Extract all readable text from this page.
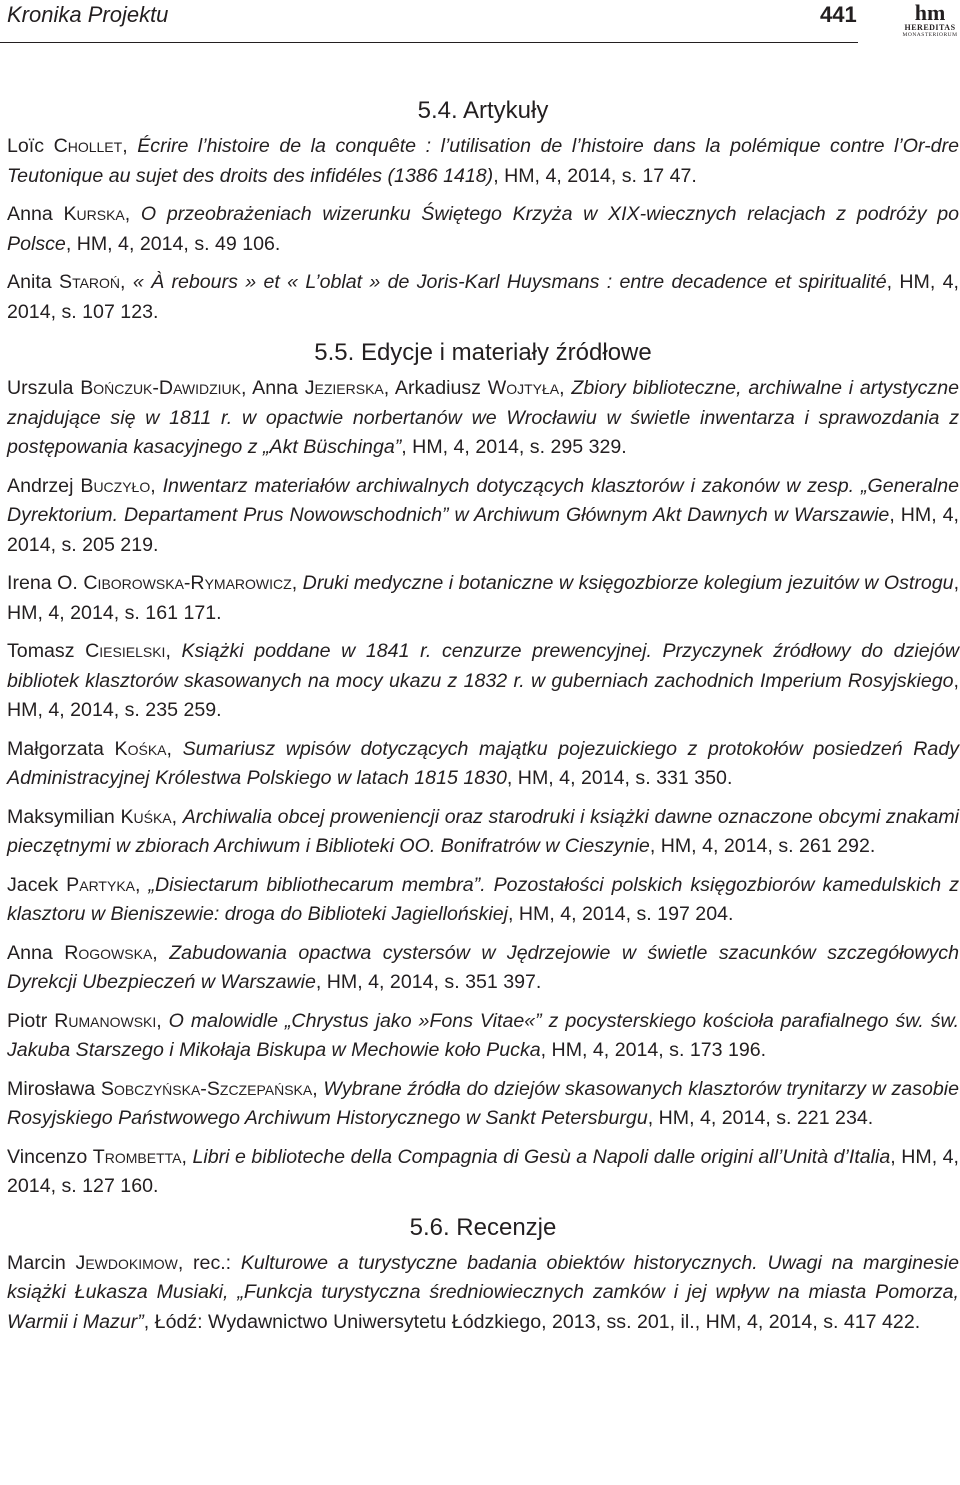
Kronika Projektu	441	hm
HEREDITAS
MONASTERIORUM
5.4. Artykuły

Loïc Chollet, Écrire l’histoire de la conquête : l’utilisation de l’histoire dans la polémique contre l’Or-dre Teutonique au sujet des droits des infidéles (1386 1418), HM, 4, 2014, s. 17 47.

Anna Kurska, O przeobrażeniach wizerunku Świętego Krzyża w XIX-wiecznych relacjach z podróży po Polsce, HM, 4, 2014, s. 49 106.

Anita Staroń, « À rebours » et « L’oblat » de Joris-Karl Huysmans : entre decadence et spiritualité, HM, 4, 2014, s. 107 123.

5.5. Edycje i materiały źródłowe

Urszula Bończuk-Dawidziuk, Anna Jezierska, Arkadiusz Wojtyła, Zbiory biblioteczne, archiwalne i artystyczne znajdujące się w 1811 r. w opactwie norbertanów we Wrocławiu w świetle inwentarza i sprawozdania z postępowania kasacyjnego z „Akt Büschinga”, HM, 4, 2014, s. 295 329.

Andrzej Buczyło, Inwentarz materiałów archiwalnych dotyczących klasztorów i zakonów w zesp. „Generalne Dyrektorium. Departament Prus Nowowschodnich” w Archiwum Głównym Akt Dawnych w Warszawie, HM, 4, 2014, s. 205 219.

Irena O. Ciborowska-Rymarowicz, Druki medyczne i botaniczne w księgozbiorze kolegium jezuitów w Ostrogu, HM, 4, 2014, s. 161 171.

Tomasz Ciesielski, Książki poddane w 1841 r. cenzurze prewencyjnej. Przyczynek źródłowy do dziejów bibliotek klasztorów skasowanych na mocy ukazu z 1832 r. w guberniach zachodnich Imperium Rosyjskiego, HM, 4, 2014, s. 235 259.

Małgorzata Kośka, Sumariusz wpisów dotyczących majątku pojezuickiego z protokołów posiedzeń Rady Administracyjnej Królestwa Polskiego w latach 1815 1830, HM, 4, 2014, s. 331 350.

Maksymilian Kuśka, Archiwalia obcej proweniencji oraz starodruki i książki dawne oznaczone obcymi znakami pieczętnymi w zbiorach Archiwum i Biblioteki OO. Bonifratrów w Cieszynie, HM, 4, 2014, s. 261 292.

Jacek Partyka, „Disiectarum bibliothecarum membra”. Pozostałości polskich księgozbiorów kamedulskich z klasztoru w Bieniszewie: droga do Biblioteki Jagiellońskiej, HM, 4, 2014, s. 197 204.

Anna Rogowska, Zabudowania opactwa cystersów w Jędrzejowie w świetle szacunków szczegółowych Dyrekcji Ubezpieczeń w Warszawie, HM, 4, 2014, s. 351 397.

Piotr Rumanowski, O malowidle „Chrystus jako »Fons Vitae«” z pocysterskiego kościoła parafialnego św. św. Jakuba Starszego i Mikołaja Biskupa w Mechowie koło Pucka, HM, 4, 2014, s. 173 196.

Mirosława Sobczyńska-Szczepańska, Wybrane źródła do dziejów skasowanych klasztorów trynitarzy w zasobie Rosyjskiego Państwowego Archiwum Historycznego w Sankt Petersburgu, HM, 4, 2014, s. 221 234.

Vincenzo Trombetta, Libri e biblioteche della Compagnia di Gesù a Napoli dalle origini all’Unità d’Italia, HM, 4, 2014, s. 127 160.

5.6. Recenzje

Marcin Jewdokimow, rec.: Kulturowe a turystyczne badania obiektów historycznych. Uwagi na marginesie książki Łukasza Musiaki, „Funkcja turystyczna średniowiecznych zamków i jej wpływ na miasta Pomorza, Warmii i Mazur”, Łódź: Wydawnictwo Uniwersytetu Łódzkiego, 2013, ss. 201, il., HM, 4, 2014, s. 417 422.
